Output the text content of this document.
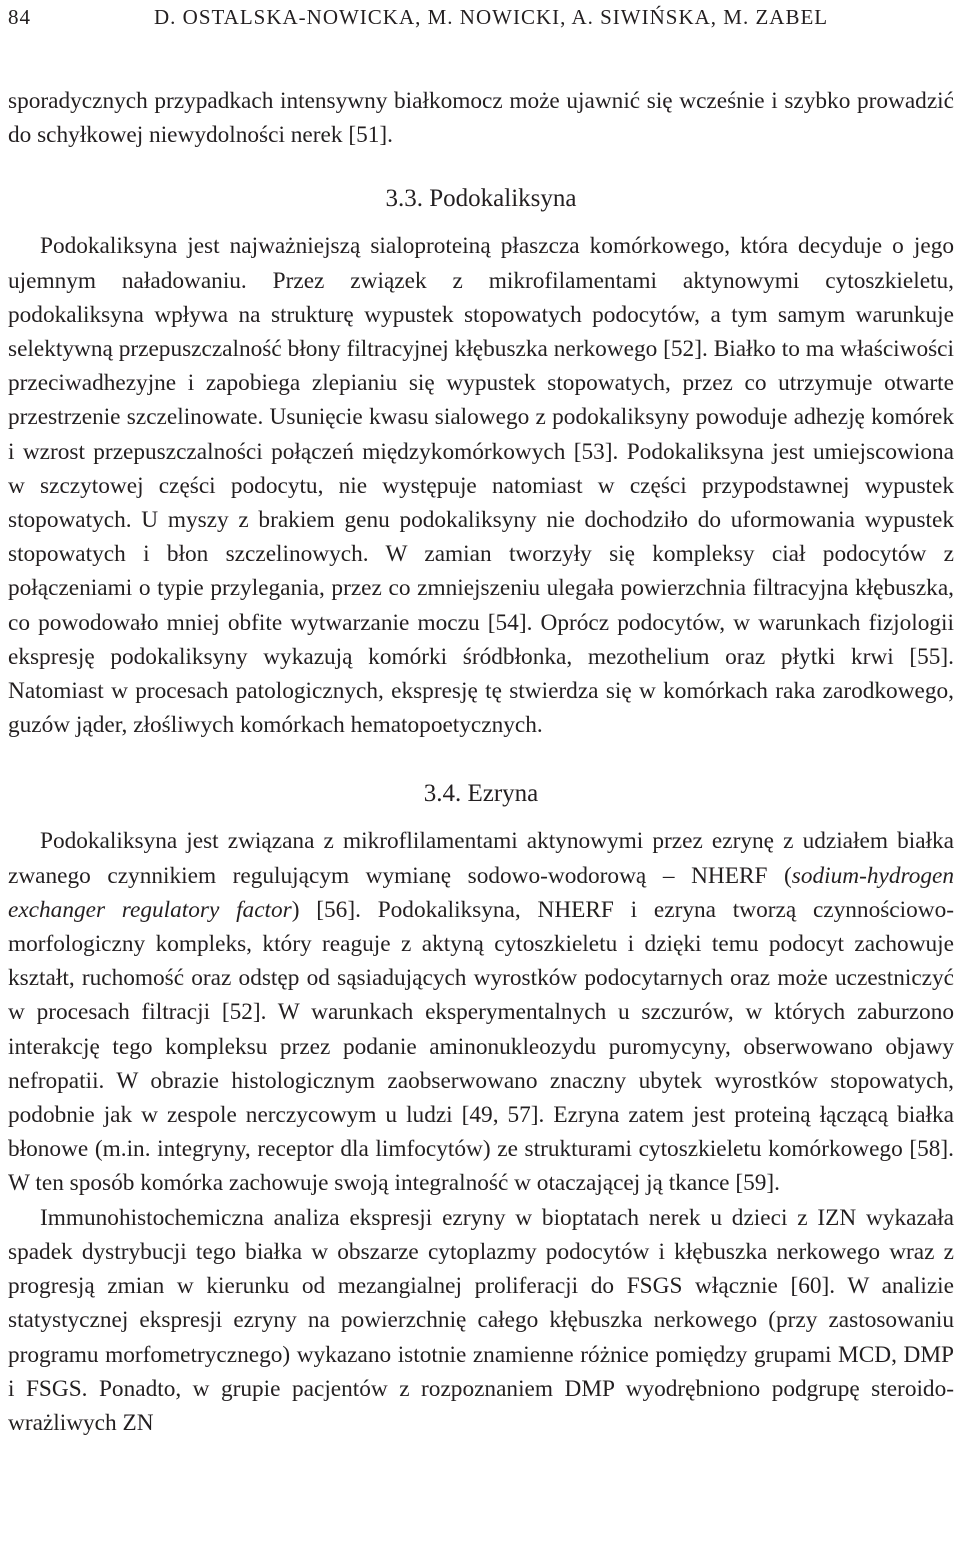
84	D. OSTALSKA-NOWICKA, M. NOWICKI, A. SIWIŃSKA, M. ZABEL

sporadycznych przypadkach intensywny białkomocz może ujawnić się wcześnie i szybko prowadzić do schyłkowej niewydolności nerek [51].

3.3. Podokaliksyna

Podokaliksyna jest najważniejszą sialoproteiną płaszcza komórkowego, która decyduje o jego ujemnym naładowaniu. Przez związek z mikrofilamentami aktynowymi cytoszkieletu, podokaliksyna wpływa na strukturę wypustek stopowatych podocytów, a tym samym warunkuje selektywną przepuszczalność błony filtracyjnej kłębuszka nerkowego [52]. Białko to ma właściwości przeciwadhezyjne i zapobiega zlepianiu się wypustek stopowatych, przez co utrzymuje otwarte przestrzenie szczelinowate. Usunięcie kwasu sialowego z podokaliksyny powoduje adhezję komórek i wzrost przepuszczalności połączeń międzykomórkowych [53]. Podokaliksyna jest umiejscowiona w szczytowej części podocytu, nie występuje natomiast w części przypodstawnej wypustek stopowatych. U myszy z brakiem genu podokaliksyny nie dochodziło do uformowania wypustek stopowatych i błon szczelinowych. W zamian tworzyły się kompleksy ciał podocytów z połączeniami o typie przylegania, przez co zmniejszeniu ulegała powierzchnia filtracyjna kłębuszka, co powodowało mniej obfite wytwarzanie moczu [54]. Oprócz podocytów, w warunkach fizjologii ekspresję podokaliksyny wykazują komórki śródbłonka, mezothelium oraz płytki krwi [55]. Natomiast w procesach patologicznych, ekspresję tę stwierdza się w komórkach raka zarodkowego, guzów jąder, złośliwych komórkach hematopoetycznych.

3.4. Ezryna

Podokaliksyna jest związana z mikroflilamentami aktynowymi przez ezrynę z udziałem białka zwanego czynnikiem regulującym wymianę sodowo-wodorową – NHERF (sodium-hydrogen exchanger regulatory factor) [56]. Podokaliksyna, NHERF i ezryna tworzą czynnościowo-morfologiczny kompleks, który reaguje z aktyną cytoszkieletu i dzięki temu podocyt zachowuje kształt, ruchomość oraz odstęp od sąsiadujących wyrostków podocytarnych oraz może uczestniczyć w procesach filtracji [52]. W warunkach eksperymentalnych u szczurów, w których zaburzono interakcję tego kompleksu przez podanie aminonukleozydu puromycyny, obserwowano objawy nefropatii. W obrazie histologicznym zaobserwowano znaczny ubytek wyrostków stopowatych, podobnie jak w zespole nerczycowym u ludzi [49, 57]. Ezryna zatem jest proteiną łączącą białka błonowe (m.in. integryny, receptor dla limfocytów) ze strukturami cytoszkieletu komórkowego [58]. W ten sposób komórka zachowuje swoją integralność w otaczającej ją tkance [59].

Immunohistochemiczna analiza ekspresji ezryny w bioptatach nerek u dzieci z IZN wykazała spadek dystrybucji tego białka w obszarze cytoplazmy podocytów i kłębuszka nerkowego wraz z progresją zmian w kierunku od mezangialnej proliferacji do FSGS włącznie [60]. W analizie statystycznej ekspresji ezryny na powierzchnię całego kłębuszka nerkowego (przy zastosowaniu programu morfometrycznego) wykazano istotnie znamienne różnice pomiędzy grupami MCD, DMP i FSGS. Ponadto, w grupie pacjentów z rozpoznaniem DMP wyodrębniono podgrupę steroido-wrażliwych ZN
